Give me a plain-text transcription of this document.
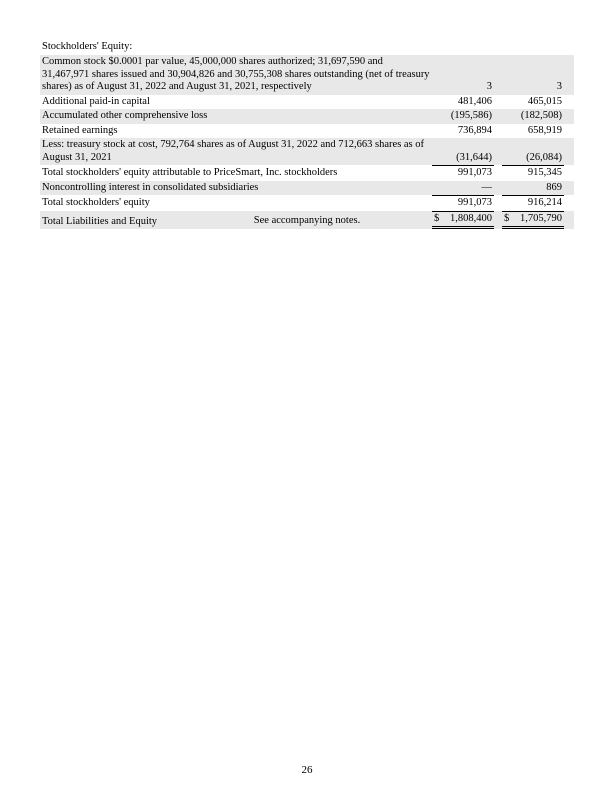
Stockholders' Equity:
Common stock $0.0001 par value, 45,000,000 shares authorized; 31,697,590 and 31,467,971 shares issued and 30,904,826 and 30,755,308 shares outstanding (net of treasury shares) as of August 31, 2022 and August 31, 2021, respectively	3	3
Additional paid-in capital	481,406	465,015
Accumulated other comprehensive loss	(195,586)	(182,508)
Retained earnings	736,894	658,919
Less: treasury stock at cost, 792,764 shares as of August 31, 2022 and 712,663 shares as of August 31, 2021	(31,644)	(26,084)
Total stockholders' equity attributable to PriceSmart, Inc. stockholders	991,073	915,345
Noncontrolling interest in consolidated subsidiaries	—	869
Total stockholders' equity	991,073	916,214
Total Liabilities and Equity	$ 1,808,400 $ 1,705,790
See accompanying notes.
26
